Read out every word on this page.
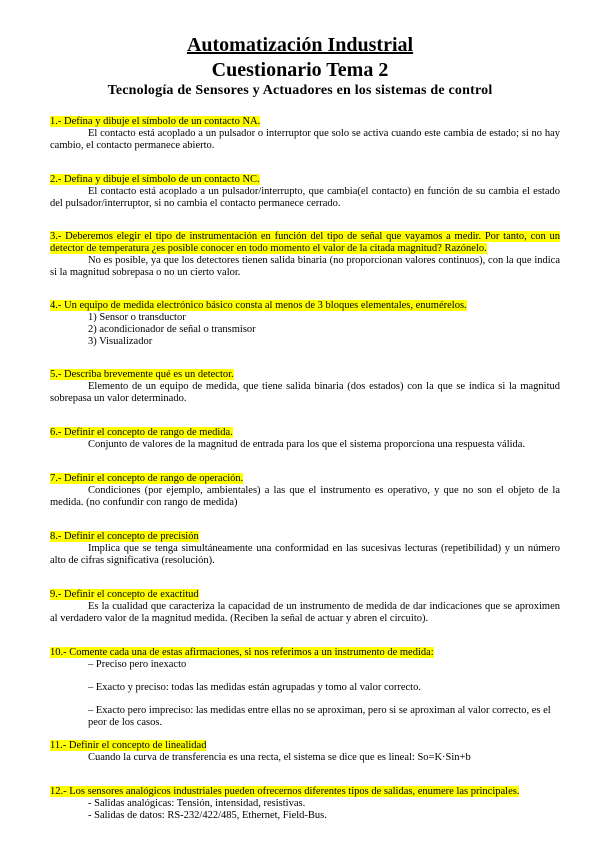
Automatización Industrial
Cuestionario Tema 2
Tecnología de Sensores y Actuadores en los sistemas de control

1.- Defina y dibuje el símbolo de un contacto NA.

El contacto está acoplado a un pulsador o interruptor que solo se activa cuando este cambia de estado; si no hay cambio, el contacto permanece abierto.

2.- Defina y dibuje el símbolo de un contacto NC.

El contacto está acoplado a un pulsador/interrupto, que cambia(el contacto) en función de su cambia el estado del pulsador/interruptor, si no cambia el contacto permanece cerrado.

3.- Deberemos elegir el tipo de instrumentación en función del tipo de señal que vayamos a medir. Por tanto, con un detector de temperatura ¿es posible conocer en todo momento el valor de la citada magnitud? Razónelo.

No es posible, ya que los detectores tienen salida binaria (no proporcionan valores continuos), con la que indica si la magnitud sobrepasa o no un cierto valor.

4.- Un equipo de medida electrónico básico consta al menos de 3 bloques elementales, enumérelos.

1) Sensor o transductor

2) acondicionador de señal o transmisor

3) Visualizador

5.- Describa brevemente qué es un detector.

Elemento de un equipo de medida, que tiene salida binaria (dos estados) con la que se indica si la magnitud sobrepasa un valor determinado.

6.- Definir el concepto de rango de medida.

Conjunto de valores de la magnitud de entrada para los que el sistema proporciona una respuesta válida.

7.- Definir el concepto de rango de operación.

Condiciones (por ejemplo, ambientales) a las que el instrumento es operativo, y que no son el objeto de la medida. (no confundir con rango de medida)

8.- Definir el concepto de precisión

Implica que se tenga simultáneamente una conformidad en las sucesivas lecturas (repetibilidad) y un número alto de cifras significativa (resolución).

9.- Definir el concepto de exactitud

Es la cualidad que caracteriza la capacidad de un instrumento de medida de dar indicaciones que se aproximen al verdadero valor de la magnitud medida. (Reciben la señal de actuar y abren el circuito).

10.- Comente cada una de estas afirmaciones, si nos referimos a un instrumento de medida:

– Preciso pero inexacto

– Exacto y preciso: todas las medidas están agrupadas y tomo al valor correcto.

– Exacto pero impreciso: las medidas entre ellas no se aproximan, pero si se aproximan al valor correcto, es el peor de los casos.

11.- Definir el concepto de linealidad

Cuando la curva de transferencia es una recta, el sistema se dice que es lineal: So=K·Sin+b

12.- Los sensores analógicos industriales pueden ofrecernos diferentes tipos de salidas, enumere las principales.

- Salidas analógicas: Tensión, intensidad, resistivas.

- Salidas de datos: RS-232/422/485, Ethernet, Field-Bus.
